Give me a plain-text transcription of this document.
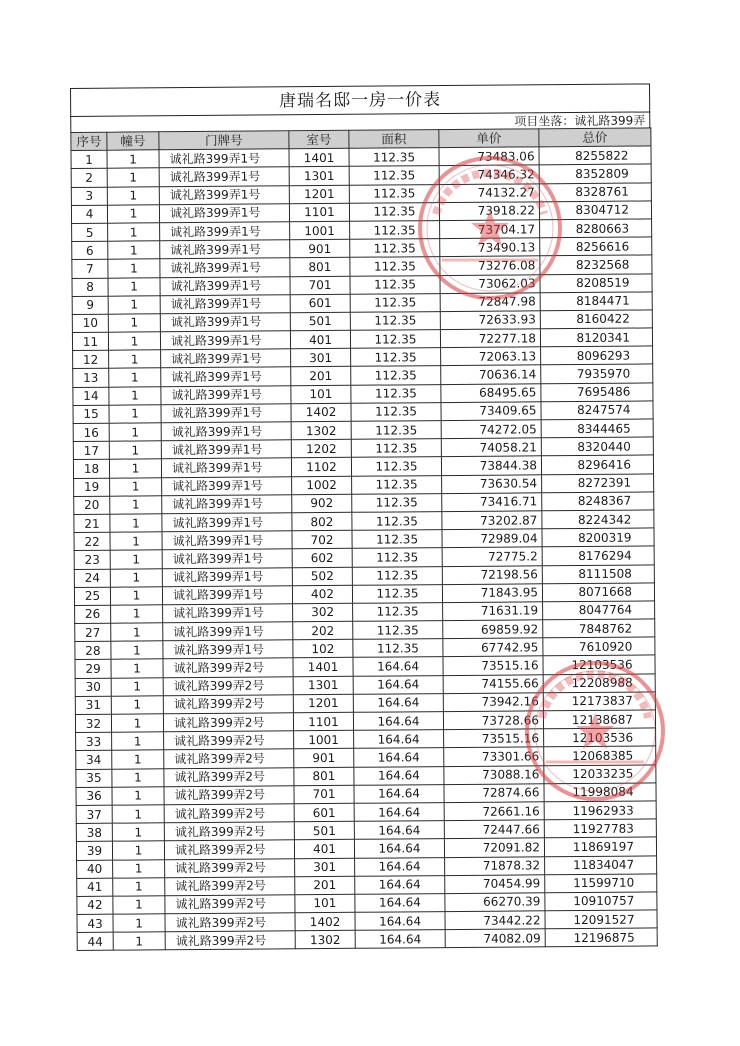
唐瑞名邸一房一价表
项目坐落：诚礼路399弄
序号	幢号	门牌号	室号	面积	单价	总价
1	1	诚礼路399弄1号	1401	112.35	73483.06	8255822
2	1	诚礼路399弄1号	1301	112.35	74346.32	8352809
3	1	诚礼路399弄1号	1201	112.35	74132.27	8328761
4	1	诚礼路399弄1号	1101	112.35	73918.22	8304712
5	1	诚礼路399弄1号	1001	112.35	73704.17	8280663
6	1	诚礼路399弄1号	901	112.35	73490.13	8256616
7	1	诚礼路399弄1号	801	112.35	73276.08	8232568
8	1	诚礼路399弄1号	701	112.35	73062.03	8208519
9	1	诚礼路399弄1号	601	112.35	72847.98	8184471
10	1	诚礼路399弄1号	501	112.35	72633.93	8160422
11	1	诚礼路399弄1号	401	112.35	72277.18	8120341
12	1	诚礼路399弄1号	301	112.35	72063.13	8096293
13	1	诚礼路399弄1号	201	112.35	70636.14	7935970
14	1	诚礼路399弄1号	101	112.35	68495.65	7695486
15	1	诚礼路399弄1号	1402	112.35	73409.65	8247574
16	1	诚礼路399弄1号	1302	112.35	74272.05	8344465
17	1	诚礼路399弄1号	1202	112.35	74058.21	8320440
18	1	诚礼路399弄1号	1102	112.35	73844.38	8296416
19	1	诚礼路399弄1号	1002	112.35	73630.54	8272391
20	1	诚礼路399弄1号	902	112.35	73416.71	8248367
21	1	诚礼路399弄1号	802	112.35	73202.87	8224342
22	1	诚礼路399弄1号	702	112.35	72989.04	8200319
23	1	诚礼路399弄1号	602	112.35	72775.2	8176294
24	1	诚礼路399弄1号	502	112.35	72198.56	8111508
25	1	诚礼路399弄1号	402	112.35	71843.95	8071668
26	1	诚礼路399弄1号	302	112.35	71631.19	8047764
27	1	诚礼路399弄1号	202	112.35	69859.92	7848762
28	1	诚礼路399弄1号	102	112.35	67742.95	7610920
29	1	诚礼路399弄2号	1401	164.64	73515.16	12103536
30	1	诚礼路399弄2号	1301	164.64	74155.66	12208988
31	1	诚礼路399弄2号	1201	164.64	73942.16	12173837
32	1	诚礼路399弄2号	1101	164.64	73728.66	12138687
33	1	诚礼路399弄2号	1001	164.64	73515.16	12103536
34	1	诚礼路399弄2号	901	164.64	73301.66	12068385
35	1	诚礼路399弄2号	801	164.64	73088.16	12033235
36	1	诚礼路399弄2号	701	164.64	72874.66	11998084
37	1	诚礼路399弄2号	601	164.64	72661.16	11962933
38	1	诚礼路399弄2号	501	164.64	72447.66	11927783
39	1	诚礼路399弄2号	401	164.64	72091.82	11869197
40	1	诚礼路399弄2号	301	164.64	71878.32	11834047
41	1	诚礼路399弄2号	201	164.64	70454.99	11599710
42	1	诚礼路399弄2号	101	164.64	66270.39	10910757
43	1	诚礼路399弄2号	1402	164.64	73442.22	12091527
44	1	诚礼路399弄2号	1302	164.64	74082.09	12196875
